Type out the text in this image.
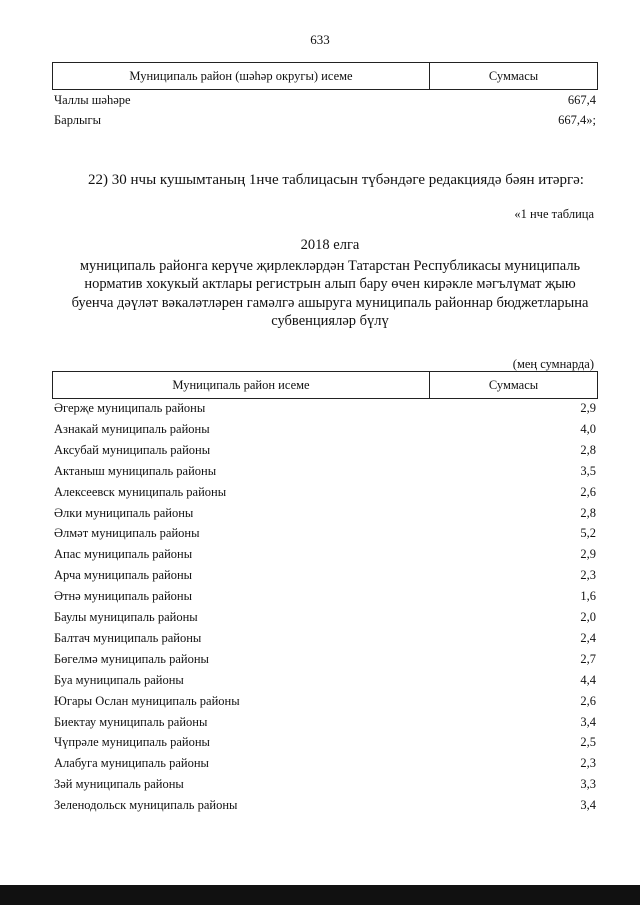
633
Муниципаль район (шәһәр округы) исеме	Суммасы
Чаллы шәһәре	667,4
Барлыгы	667,4»;
22) 30 нчы кушымтаның 1нче таблицасын түбәндәге редакциядә бәян итәргә:
«1 нче таблица
2018 елга
муниципаль районга керүче җирлекләрдән Татарстан Республикасы муниципаль
норматив хокукый актлары регистрын алып бару өчен кирәкле мәгълүмат җыю
буенча дәүләт вәкаләтләрен гамәлгә ашыруга муниципаль районнар бюджетларына
субвенцияләр бүлү
(мең сумнарда)
Муниципаль район исеме	Суммасы
Әгерҗе муниципаль районы	2,9
Азнакай муниципаль районы	4,0
Аксубай муниципаль районы	2,8
Актаныш муниципаль районы	3,5
Алексеевск муниципаль районы	2,6
Әлки муниципаль районы	2,8
Әлмәт муниципаль районы	5,2
Апас муниципаль районы	2,9
Арча муниципаль районы	2,3
Әтнә муниципаль районы	1,6
Баулы муниципаль районы	2,0
Балтач муниципаль районы	2,4
Бөгелмә муниципаль районы	2,7
Буа муниципаль районы	4,4
Югары Ослан муниципаль районы	2,6
Биектау муниципаль районы	3,4
Чүпрәле муниципаль районы	2,5
Алабуга муниципаль районы	2,3
Зәй муниципаль районы	3,3
Зеленодольск муниципаль районы	3,4
